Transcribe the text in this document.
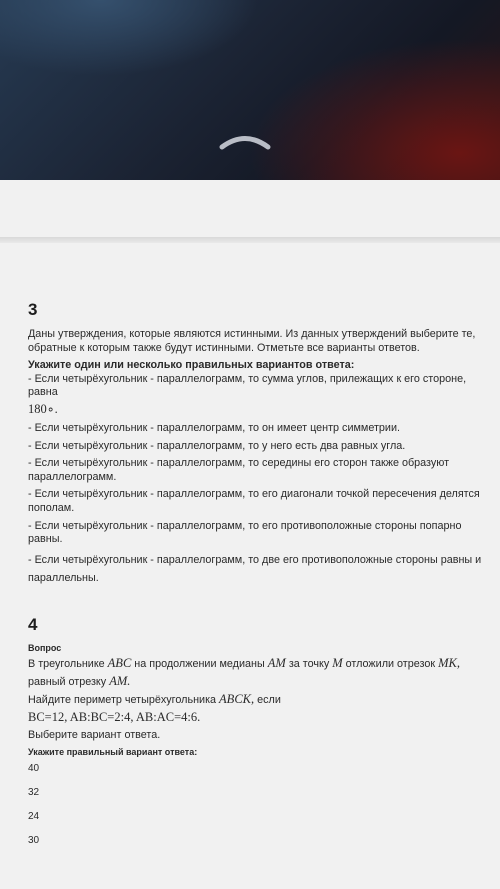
3

Даны утверждения, которые являются истинными. Из данных утверждений выберите те, обратные к которым также будут истинными. Отметьте все варианты ответов.

Укажите один или несколько правильных вариантов ответа:

- Если четырёхугольник - параллелограмм, то сумма углов, прилежащих к его стороне, равна

180∘.

- Если четырёхугольник - параллелограмм, то он имеет центр симметрии.

- Если четырёхугольник - параллелограмм, то у него есть два равных угла.

- Если четырёхугольник - параллелограмм, то середины его сторон также образуют параллелограмм.

- Если четырёхугольник - параллелограмм, то его диагонали точкой пересечения делятся пополам.

- Если четырёхугольник - параллелограмм, то его противоположные стороны попарно равны.

- Если четырёхугольник - параллелограмм, то две его противоположные стороны равны и параллельны.

4

Вопрос

В треугольнике ABC на продолжении медианы AM за точку M отложили отрезок MK, равный отрезку AM.
Найдите периметр четырёхугольника ABCK, если
BC=12, AB:BC=2:4, AB:AC=4:6.
Выберите вариант ответа.

Укажите правильный вариант ответа:

40
32
24
30
